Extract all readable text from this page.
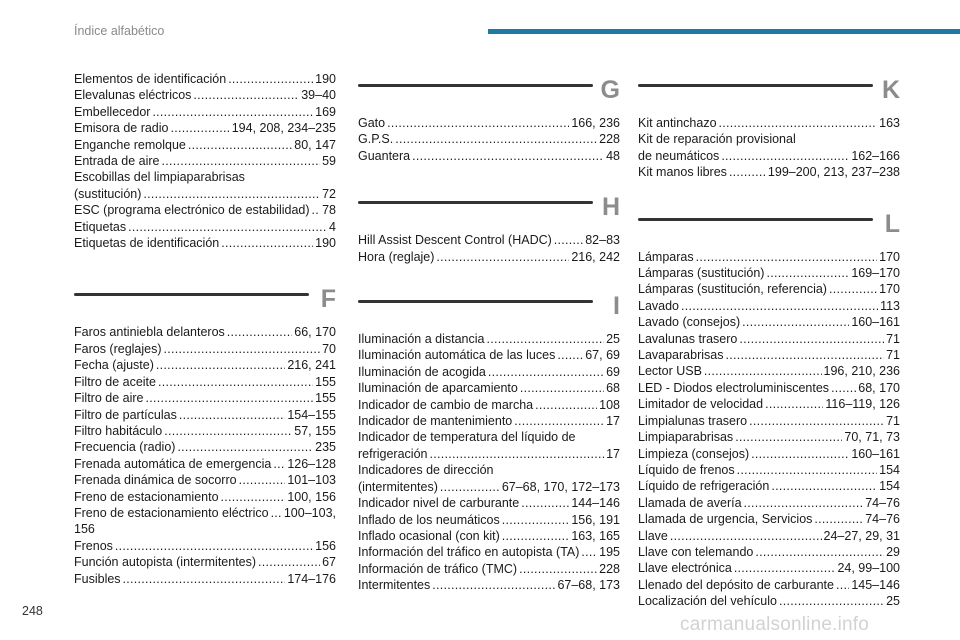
Índice alfabético
Elementos de identificación . . .	190
Elevalunas eléctricos . . .	39–40
Embellecedor . . .	169
Emisora de radio . . .	194, 208, 234–235
Enganche remolque . . .	80, 147
Entrada de aire . . .	59
Escobillas del limpiaparabrisas
(sustitución) . . .	72
ESC (programa electrónico de estabilidad) . . . 78
Etiquetas . . .	4
Etiquetas de identificación . . .	190
F
Faros antiniebla delanteros . . .	66, 170
Faros (reglajes) . . .	70
Fecha (ajuste) . . .	216, 241
Filtro de aceite . . .	155
Filtro de aire . . .	155
Filtro de partículas . . .	154–155
Filtro habitáculo . . .	57, 155
Frecuencia (radio) . . .	235
Frenada automática de emergencia . . . 126–128
Frenada dinámica de socorro . . .	101–103
Freno de estacionamiento . . .	100, 156
Freno de estacionamiento eléctrico . . . 100–103,
156
Frenos . . .	156
Función autopista (intermitentes) . . .	67
Fusibles . . .	174–176
G
Gato . . .	166, 236
G.P.S. . . .	228
Guantera . . .	48
H
Hill Assist Descent Control (HADC) . . .	82–83
Hora (reglaje) . . .	216, 242
I
Iluminación a distancia . . .	25
Iluminación automática de las luces . . . 67, 69
Iluminación de acogida . . .	69
Iluminación de aparcamiento . . .	68
Indicador de cambio de marcha . . .	108
Indicador de mantenimiento . . .	17
Indicador de temperatura del líquido de
refrigeración . . .	17
Indicadores de dirección
(intermitentes) . . .	67–68, 170, 172–173
Indicador nivel de carburante . . .	144–146
Inflado de los neumáticos . . .	156, 191
Inflado ocasional (con kit) . . .	163, 165
Información del tráfico en autopista (TA) . . . 195
Información de tráfico (TMC) . . .	228
Intermitentes . . .	67–68, 173
K
Kit antinchazo . . .	163
Kit de reparación provisional
de neumáticos . . .	162–166
Kit manos libres . . .	199–200, 213, 237–238
L
Lámparas . . .	170
Lámparas (sustitución) . . .	169–170
Lámparas (sustitución, referencia) . . .	170
Lavado . . .	113
Lavado (consejos) . . .	160–161
Lavalunas trasero . . .	71
Lavaparabrisas . . .	71
Lector USB . . .	196, 210, 236
LED - Diodos electroluminiscentes . . . 68, 170
Limitador de velocidad . . .	116–119, 126
Limpialunas trasero . . .	71
Limpiaparabrisas . . .	70, 71, 73
Limpieza (consejos) . . .	160–161
Líquido de frenos . . .	154
Líquido de refrigeración . . .	154
Llamada de avería . . .	74–76
Llamada de urgencia, Servicios . . .	74–76
Llave . . .	24–27, 29, 31
Llave con telemando . . .	29
Llave electrónica . . .	24, 99–100
Llenado del depósito de carburante . . . 145–146
Localización del vehículo . . .	25
248
carmanualsonline.info
